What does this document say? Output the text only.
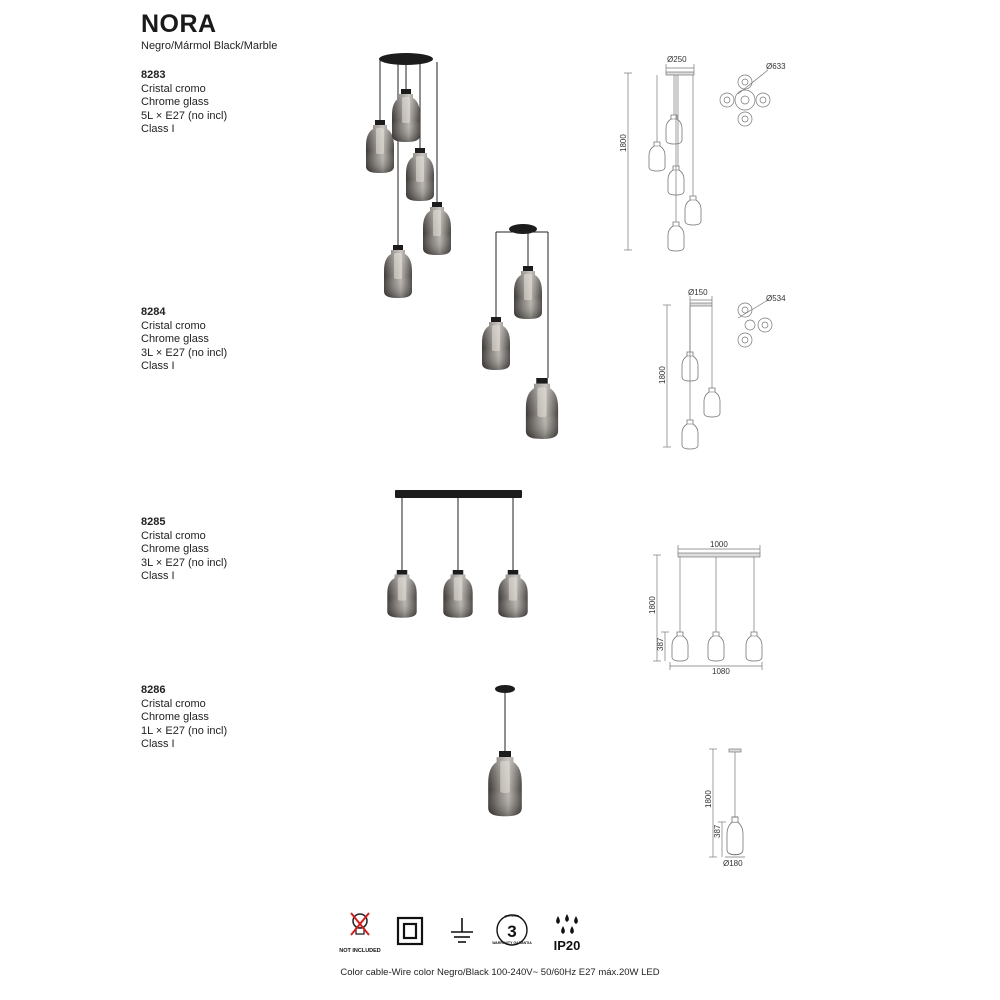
NORA
Negro/Mármol Black/Marble
8283
Cristal cromo
Chrome glass
5L × E27 (no incl)
Class I
8284
Cristal cromo
Chrome glass
3L × E27 (no incl)
Class I
8285
Cristal cromo
Chrome glass
3L × E27 (no incl)
Class I
8286
Cristal cromo
Chrome glass
1L × E27 (no incl)
Class I
Ø250
Ø633
1800
Ø150
Ø534
1800
1000
1800
387
1080
1800
387
Ø180
NOT INCLUDED
garantía
3
WARRANTY GARANTIA IP20
Color cable-Wire color Negro/Black 100-240V~ 50/60Hz E27 máx.20W LED
